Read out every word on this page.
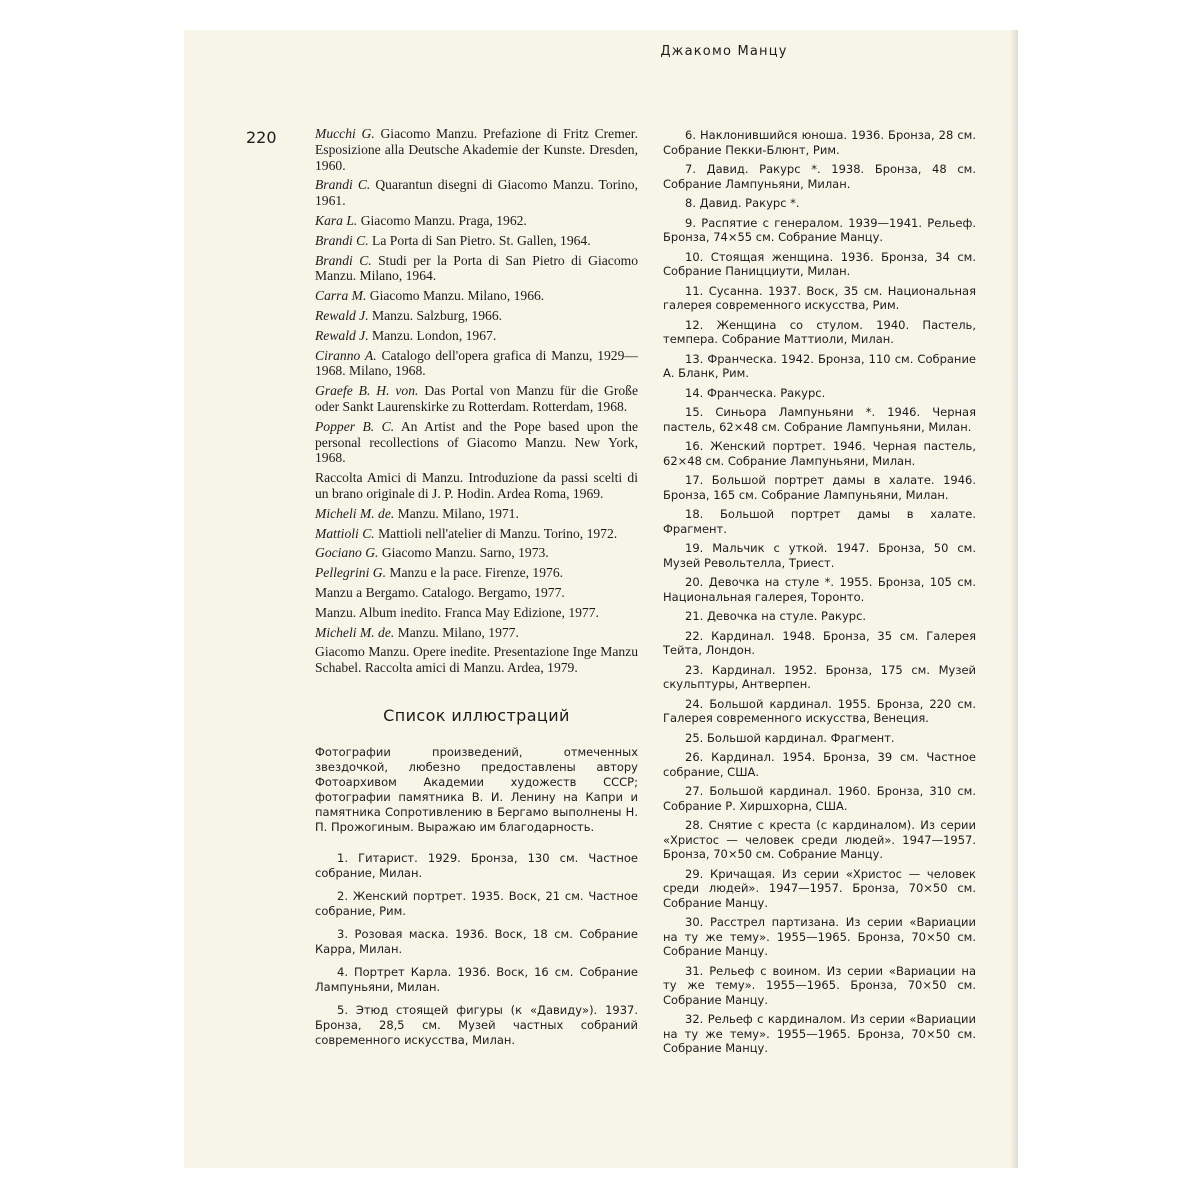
Джакомо Манцу
220	Mucchi G. Giacomo Manzu. Prefazione di Fritz Cremer. Esposizione alla Deutsche Akademie der Kunste. Dresden, 1960.
Brandi C. Quarantun disegni di Giacomo Manzu. Torino, 1961.
Kara L. Giacomo Manzu. Praga, 1962.
Brandi C. La Porta di San Pietro. St. Gallen, 1964.
Brandi C. Studi per la Porta di San Pietro di Giacomo Manzu. Milano, 1964.
Carra M. Giacomo Manzu. Milano, 1966.
Rewald J. Manzu. Salzburg, 1966.
Rewald J. Manzu. London, 1967.
Ciranno A. Catalogo dell'opera grafica di Manzu, 1929—1968. Milano, 1968.
Graefe B. H. von. Das Portal von Manzu für die Große oder Sankt Laurenskirke zu Rotterdam. Rotterdam, 1968.
Popper B. C. An Artist and the Pope based upon the personal recollections of Giacomo Manzu. New York, 1968.
Raccolta Amici di Manzu. Introduzione da passi scelti di un brano originale di J. P. Hodin. Ardea Roma, 1969.
Micheli M. de. Manzu. Milano, 1971.
Mattioli C. Mattioli nell'atelier di Manzu. Torino, 1972.
Gociano G. Giacomo Manzu. Sarno, 1973.
Pellegrini G. Manzu e la pace. Firenze, 1976.
Manzu a Bergamo. Catalogo. Bergamo, 1977.
Manzu. Album inedito. Franca May Edizione, 1977.
Micheli M. de. Manzu. Milano, 1977.
Giacomo Manzu. Opere inedite. Presentazione Inge Manzu Schabel. Raccolta amici di Manzu. Ardea, 1979.
Список иллюстраций

Фотографии произведений, отмеченных звездочкой, любезно предоставлены автору Фотоархивом Академии художеств СССР; фотографии памятника В. И. Ленину на Капри и памятника Сопротивлению в Бергамо выполнены Н. П. Прожогиным. Выражаю им благодарность.

1. Гитарист. 1929. Бронза, 130 см. Частное собрание, Милан.
2. Женский портрет. 1935. Воск, 21 см. Частное собрание, Рим.
3. Розовая маска. 1936. Воск, 18 см. Собрание Карра, Милан.
4. Портрет Карла. 1936. Воск, 16 см. Собрание Лампуньяни, Милан.
5. Этюд стоящей фигуры (к «Давиду»). 1937. Бронза, 28,5 см. Музей частных собраний современного искусства, Милан.
6. Наклонившийся юноша. 1936. Бронза, 28 см. Собрание Пекки-Блюнт, Рим.
7. Давид. Ракурс *. 1938. Бронза, 48 см. Собрание Лампуньяни, Милан.
8. Давид. Ракурс *.
9. Распятие с генералом. 1939—1941. Рельеф. Бронза, 74×55 см. Собрание Манцу.
10. Стоящая женщина. 1936. Бронза, 34 см. Собрание Паницциути, Милан.
11. Сусанна. 1937. Воск, 35 см. Национальная галерея современного искусства, Рим.
12. Женщина со стулом. 1940. Пастель, темпера. Собрание Маттиоли, Милан.
13. Франческа. 1942. Бронза, 110 см. Собрание А. Бланк, Рим.
14. Франческа. Ракурс.
15. Синьора Лампуньяни *. 1946. Черная пастель, 62×48 см. Собрание Лампуньяни, Милан.
16. Женский портрет. 1946. Черная пастель, 62×48 см. Собрание Лампуньяни, Милан.
17. Большой портрет дамы в халате. 1946. Бронза, 165 см. Собрание Лампуньяни, Милан.
18. Большой портрет дамы в халате. Фрагмент.
19. Мальчик с уткой. 1947. Бронза, 50 см. Музей Револьтелла, Триест.
20. Девочка на стуле *. 1955. Бронза, 105 см. Национальная галерея, Торонто.
21. Девочка на стуле. Ракурс.
22. Кардинал. 1948. Бронза, 35 см. Галерея Тейта, Лондон.
23. Кардинал. 1952. Бронза, 175 см. Музей скульптуры, Антверпен.
24. Большой кардинал. 1955. Бронза, 220 см. Галерея современного искусства, Венеция.
25. Большой кардинал. Фрагмент.
26. Кардинал. 1954. Бронза, 39 см. Частное собрание, США.
27. Большой кардинал. 1960. Бронза, 310 см. Собрание Р. Хиршхорна, США.
28. Снятие с креста (с кардиналом). Из серии «Христос — человек среди людей». 1947—1957. Бронза, 70×50 см. Собрание Манцу.
29. Кричащая. Из серии «Христос — человек среди людей». 1947—1957. Бронза, 70×50 см. Собрание Манцу.
30. Расстрел партизана. Из серии «Вариации на ту же тему». 1955—1965. Бронза, 70×50 см. Собрание Манцу.
31. Рельеф с воином. Из серии «Вариации на ту же тему». 1955—1965. Бронза, 70×50 см. Собрание Манцу.
32. Рельеф с кардиналом. Из серии «Вариации на ту же тему». 1955—1965. Бронза, 70×50 см. Собрание Манцу.
